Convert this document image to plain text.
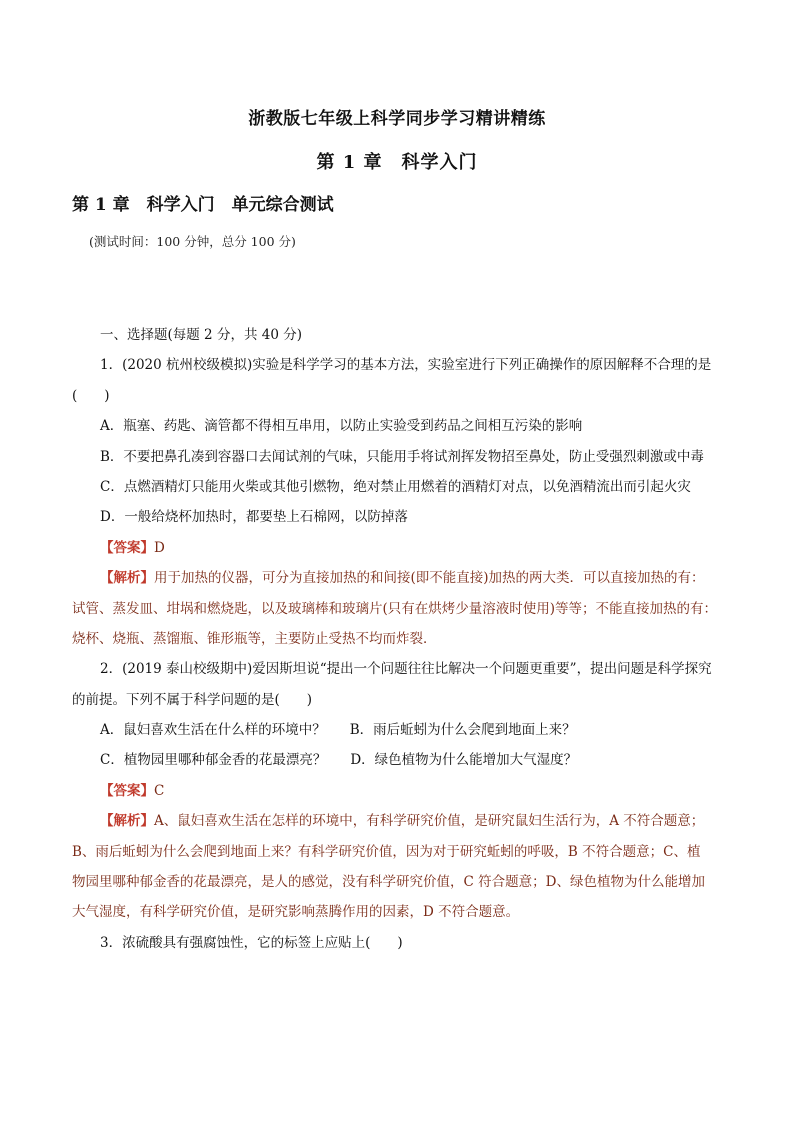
浙教版七年级上科学同步学习精讲精练
第 1 章　科学入门
第 1 章　科学入门　单元综合测试
(测试时间：100 分钟，总分 100 分)
一、选择题(每题 2 分，共 40 分)
1．(2020 杭州校级模拟)实验是科学学习的基本方法，实验室进行下列正确操作的原因解释不合理的是
(　　)
A．瓶塞、药匙、滴管都不得相互串用，以防止实验受到药品之间相互污染的影响
B．不要把鼻孔凑到容器口去闻试剂的气味，只能用手将试剂挥发物招至鼻处，防止受强烈刺激或中毒
C．点燃酒精灯只能用火柴或其他引燃物，绝对禁止用燃着的酒精灯对点，以免酒精流出而引起火灾
D．一般给烧杯加热时，都要垫上石棉网，以防掉落
【答案】D
【解析】用于加热的仪器，可分为直接加热的和间接(即不能直接)加热的两大类．可以直接加热的有：
试管、蒸发皿、坩埚和燃烧匙，以及玻璃棒和玻璃片(只有在烘烤少量溶液时使用)等等；不能直接加热的有：
烧杯、烧瓶、蒸馏瓶、锥形瓶等，主要防止受热不均而炸裂．
2．(2019 泰山校级期中)爱因斯坦说“提出一个问题往往比解决一个问题更重要”，提出问题是科学探究
的前提。下列不属于科学问题的是(　　)
A．鼠妇喜欢生活在什么样的环境中？ B．雨后蚯蚓为什么会爬到地面上来？
C．植物园里哪种郁金香的花最漂亮？ D．绿色植物为什么能增加大气湿度？
【答案】C
【解析】A、鼠妇喜欢生活在怎样的环境中，有科学研究价值，是研究鼠妇生活行为，A 不符合题意；
B、雨后蚯蚓为什么会爬到地面上来？有科学研究价值，因为对于研究蚯蚓的呼吸，B 不符合题意；C、植
物园里哪种郁金香的花最漂亮，是人的感觉，没有科学研究价值，C 符合题意；D、绿色植物为什么能增加
大气湿度，有科学研究价值，是研究影响蒸腾作用的因素，D 不符合题意。
3．浓硫酸具有强腐蚀性，它的标签上应贴上(　　)
